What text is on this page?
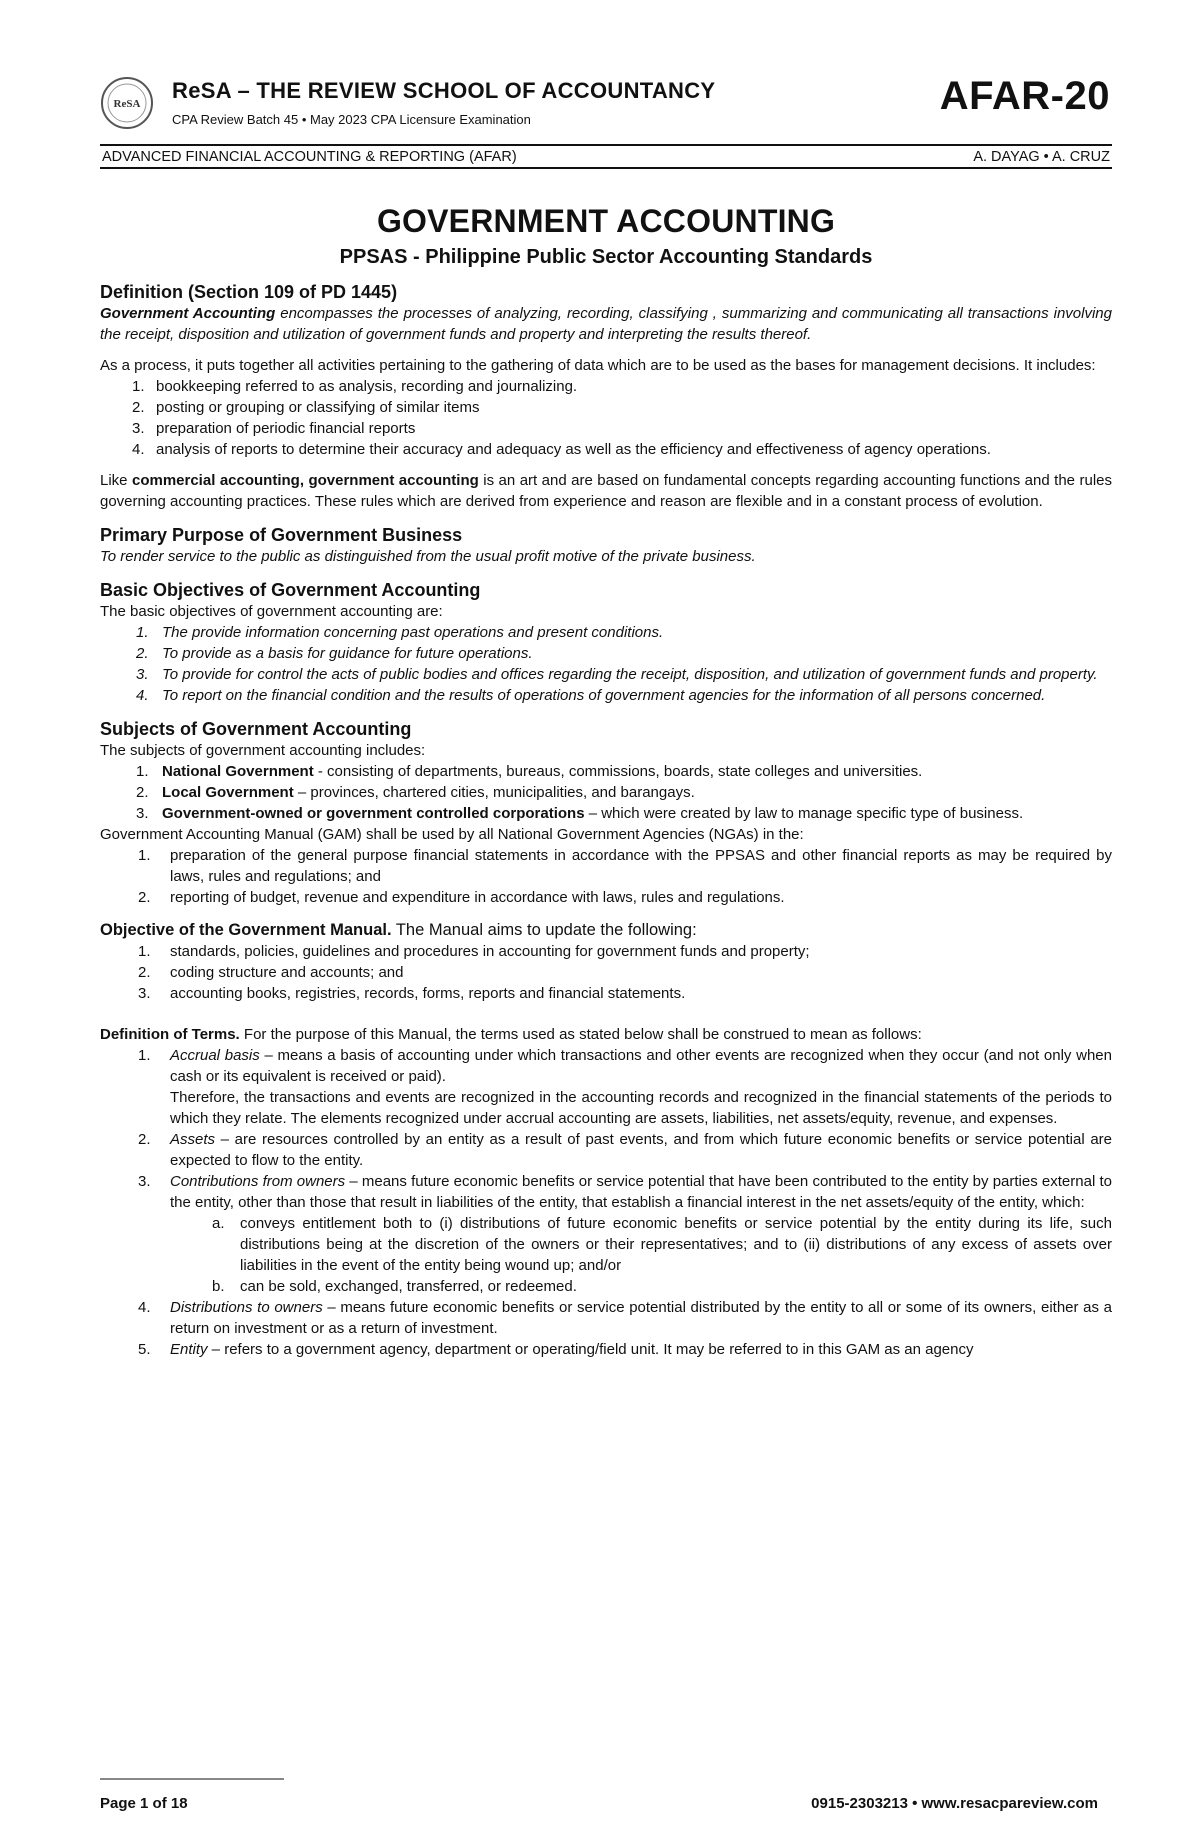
ReSA
ReSA – THE REVIEW SCHOOL OF ACCOUNTANCY
CPA Review Batch 45 • May 2023 CPA Licensure Examination
AFAR-20
ADVANCED FINANCIAL ACCOUNTING & REPORTING (AFAR)	A. DAYAG • A. CRUZ
GOVERNMENT ACCOUNTING
PPSAS - Philippine Public Sector Accounting Standards
Definition (Section 109 of PD 1445)

Government Accounting encompasses the processes of analyzing, recording, classifying , summarizing and communicating all transactions involving the receipt, disposition and utilization of government funds and property and interpreting the results thereof.

As a process, it puts together all activities pertaining to the gathering of data which are to be used as the bases for management decisions. It includes:

1. bookkeeping referred to as analysis, recording and journalizing.
2. posting or grouping or classifying of similar items
3. preparation of periodic financial reports
4. analysis of reports to determine their accuracy and adequacy as well as the efficiency and effectiveness of agency operations.

Like commercial accounting, government accounting is an art and are based on fundamental concepts regarding accounting functions and the rules governing accounting practices. These rules which are derived from experience and reason are flexible and in a constant process of evolution.

Primary Purpose of Government Business

To render service to the public as distinguished from the usual profit motive of the private business.

Basic Objectives of Government Accounting

The basic objectives of government accounting are:

1. The provide information concerning past operations and present conditions.
2. To provide as a basis for guidance for future operations.
3. To provide for control the acts of public bodies and offices regarding the receipt, disposition, and utilization of government funds and property.
4. To report on the financial condition and the results of operations of government agencies for the information of all persons concerned.
Subjects of Government Accounting

The subjects of government accounting includes:

1. National Government - consisting of departments, bureaus, commissions, boards, state colleges and universities.
2. Local Government – provinces, chartered cities, municipalities, and barangays.
3. Government-owned or government controlled corporations – which were created by law to manage specific type of business.

Government Accounting Manual (GAM) shall be used by all National Government Agencies (NGAs) in the:

1. preparation of the general purpose financial statements in accordance with the PPSAS and other financial reports as may be required by laws, rules and regulations; and
2. reporting of budget, revenue and expenditure in accordance with laws, rules and regulations.

Objective of the Government Manual. The Manual aims to update the following:

1. standards, policies, guidelines and procedures in accounting for government funds and property;
2. coding structure and accounts; and
3. accounting books, registries, records, forms, reports and financial statements.

Definition of Terms. For the purpose of this Manual, the terms used as stated below shall be construed to mean as follows:

1. Accrual basis – means a basis of accounting under which transactions and other events are recognized when they occur (and not only when cash or its equivalent is received or paid).

Therefore, the transactions and events are recognized in the accounting records and recognized in the financial statements of the periods to which they relate. The elements recognized under accrual accounting are assets, liabilities, net assets/equity, revenue, and expenses.

2. Assets – are resources controlled by an entity as a result of past events, and from which future economic benefits or service potential are expected to flow to the entity.
3. Contributions from owners – means future economic benefits or service potential that have been contributed to the entity by parties external to the entity, other than those that result in liabilities of the entity, that establish a financial interest in the net assets/equity of the entity, which:
a. conveys entitlement both to (i) distributions of future economic benefits or service potential by the entity during its life, such distributions being at the discretion of the owners or their representatives; and to (ii) distributions of any excess of assets over liabilities in the event of the entity being wound up; and/or
b. can be sold, exchanged, transferred, or redeemed.
4. Distributions to owners – means future economic benefits or service potential distributed by the entity to all or some of its owners, either as a return on investment or as a return of investment.
5. Entity – refers to a government agency, department or operating/field unit. It may be referred to in this GAM as an agency
Page 1 of 18	0915-2303213 • www.resacpareview.com
